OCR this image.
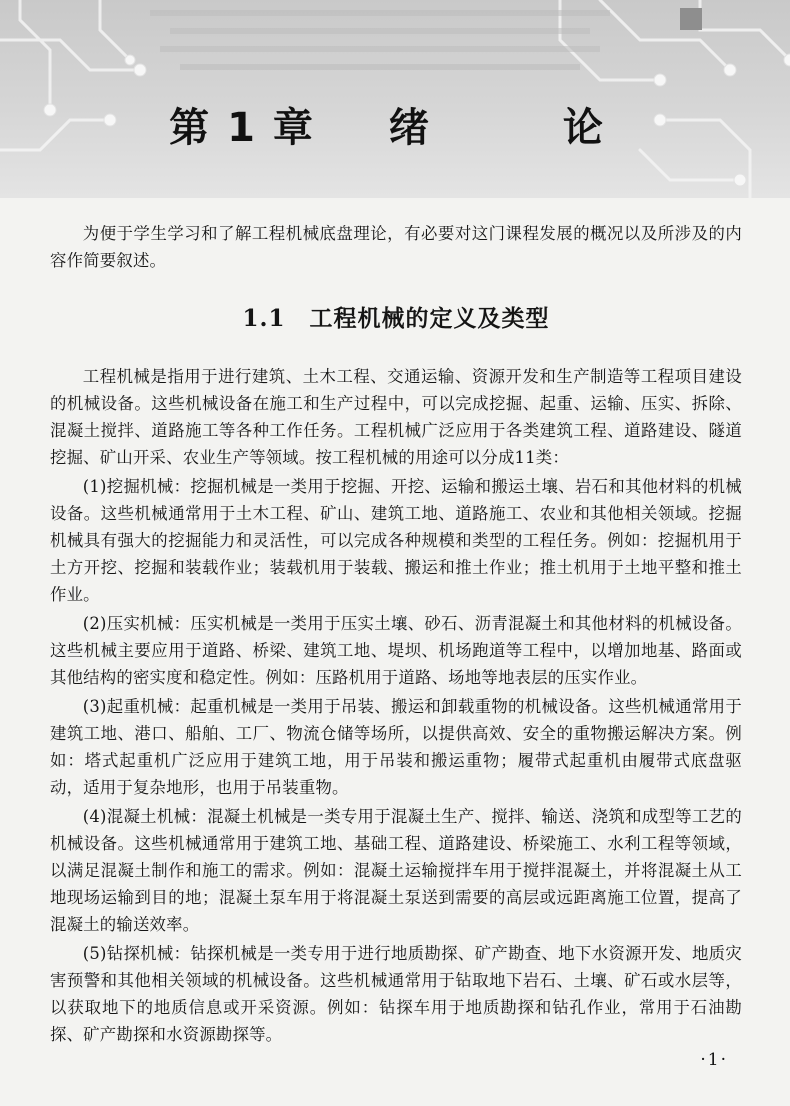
第1章　绪　　论

为便于学生学习和了解工程机械底盘理论，有必要对这门课程发展的概况以及所涉及的内容作简要叙述。

1.1 工程机械的定义及类型

工程机械是指用于进行建筑、土木工程、交通运输、资源开发和生产制造等工程项目建设的机械设备。这些机械设备在施工和生产过程中，可以完成挖掘、起重、运输、压实、拆除、混凝土搅拌、道路施工等各种工作任务。工程机械广泛应用于各类建筑工程、道路建设、隧道挖掘、矿山开采、农业生产等领域。按工程机械的用途可以分成11类：

(1)挖掘机械：挖掘机械是一类用于挖掘、开挖、运输和搬运土壤、岩石和其他材料的机械设备。这些机械通常用于土木工程、矿山、建筑工地、道路施工、农业和其他相关领域。挖掘机械具有强大的挖掘能力和灵活性，可以完成各种规模和类型的工程任务。例如：挖掘机用于土方开挖、挖掘和装载作业；装载机用于装载、搬运和推土作业；推土机用于土地平整和推土作业。

(2)压实机械：压实机械是一类用于压实土壤、砂石、沥青混凝土和其他材料的机械设备。这些机械主要应用于道路、桥梁、建筑工地、堤坝、机场跑道等工程中，以增加地基、路面或其他结构的密实度和稳定性。例如：压路机用于道路、场地等地表层的压实作业。

(3)起重机械：起重机械是一类用于吊装、搬运和卸载重物的机械设备。这些机械通常用于建筑工地、港口、船舶、工厂、物流仓储等场所，以提供高效、安全的重物搬运解决方案。例如：塔式起重机广泛应用于建筑工地，用于吊装和搬运重物；履带式起重机由履带式底盘驱动，适用于复杂地形，也用于吊装重物。

(4)混凝土机械：混凝土机械是一类专用于混凝土生产、搅拌、输送、浇筑和成型等工艺的机械设备。这些机械通常用于建筑工地、基础工程、道路建设、桥梁施工、水利工程等领域，以满足混凝土制作和施工的需求。例如：混凝土运输搅拌车用于搅拌混凝土，并将混凝土从工地现场运输到目的地；混凝土泵车用于将混凝土泵送到需要的高层或远距离施工位置，提高了混凝土的输送效率。

(5)钻探机械：钻探机械是一类专用于进行地质勘探、矿产勘查、地下水资源开发、地质灾害预警和其他相关领域的机械设备。这些机械通常用于钻取地下岩石、土壤、矿石或水层等，以获取地下的地质信息或开采资源。例如：钻探车用于地质勘探和钻孔作业，常用于石油勘探、矿产勘探和水资源勘探等。

·1·
